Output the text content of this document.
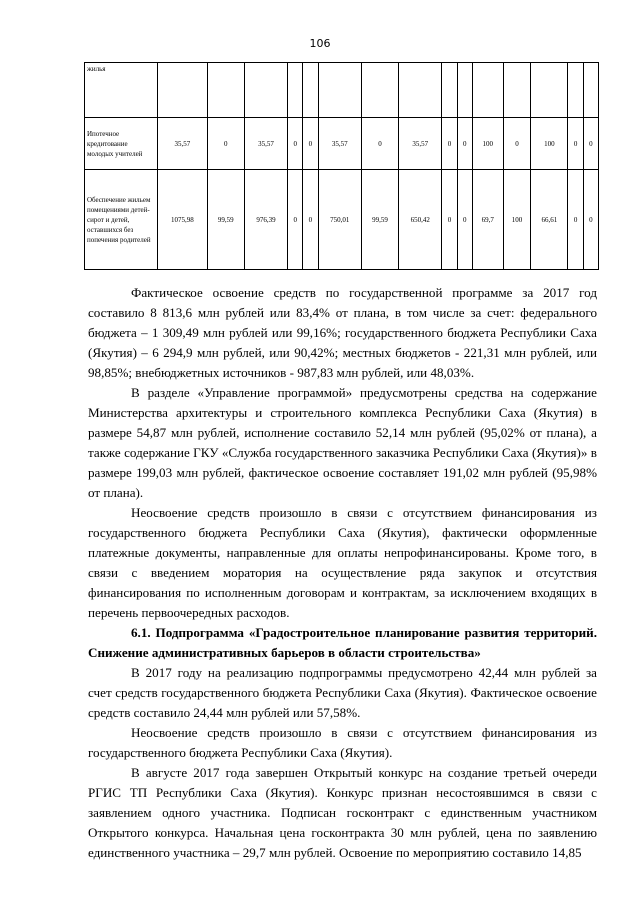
106
жилья															
Ипотечное кредитование молодых учителей	35,57	0	35,57	0	0	35,57	0	35,57	0	0	100	0	100	0	0
Обеспечение жильем помещениями детей-сирот и детей, оставшихся без попечения родителей	1075,98	99,59	976,39	0	0	750,01	99,59	650,42	0	0	69,7	100	66,61	0	0

Фактическое освоение средств по государственной программе за 2017 год составило 8 813,6 млн рублей или 83,4% от плана, в том числе за счет: федерального бюджета – 1 309,49 млн рублей или 99,16%; государственного бюджета Республики Саха (Якутия) – 6 294,9 млн рублей, или 90,42%; местных бюджетов - 221,31 млн рублей, или 98,85%; внебюджетных источников - 987,83 млн рублей, или 48,03%.

В разделе «Управление программой» предусмотрены средства на содержание Министерства архитектуры и строительного комплекса Республики Саха (Якутия) в размере 54,87 млн рублей, исполнение составило 52,14 млн рублей (95,02% от плана), а также содержание ГКУ «Служба государственного заказчика Республики Саха (Якутия)» в размере 199,03 млн рублей, фактическое освоение составляет 191,02 млн рублей (95,98% от плана).

Неосвоение средств произошло в связи с отсутствием финансирования из государственного бюджета Республики Саха (Якутия), фактически оформленные платежные документы, направленные для оплаты непрофинансированы. Кроме того, в связи с введением моратория на осуществление ряда закупок и отсутствия финансирования по исполненным договорам и контрактам, за исключением входящих в перечень первоочередных расходов.

6.1. Подпрограмма «Градостроительное планирование развития территорий. Снижение административных барьеров в области строительства»

В 2017 году на реализацию подпрограммы предусмотрено 42,44 млн рублей за счет средств государственного бюджета Республики Саха (Якутия). Фактическое освоение средств составило 24,44 млн рублей или 57,58%.

Неосвоение средств произошло в связи с отсутствием финансирования из государственного бюджета Республики Саха (Якутия).

В августе 2017 года завершен Открытый конкурс на создание третьей очереди РГИС ТП Республики Саха (Якутия). Конкурс признан несостоявшимся в связи с заявлением одного участника. Подписан госконтракт с единственным участником Открытого конкурса. Начальная цена госконтракта 30 млн рублей, цена по заявлению единственного участника – 29,7 млн рублей. Освоение по мероприятию составило 14,85
